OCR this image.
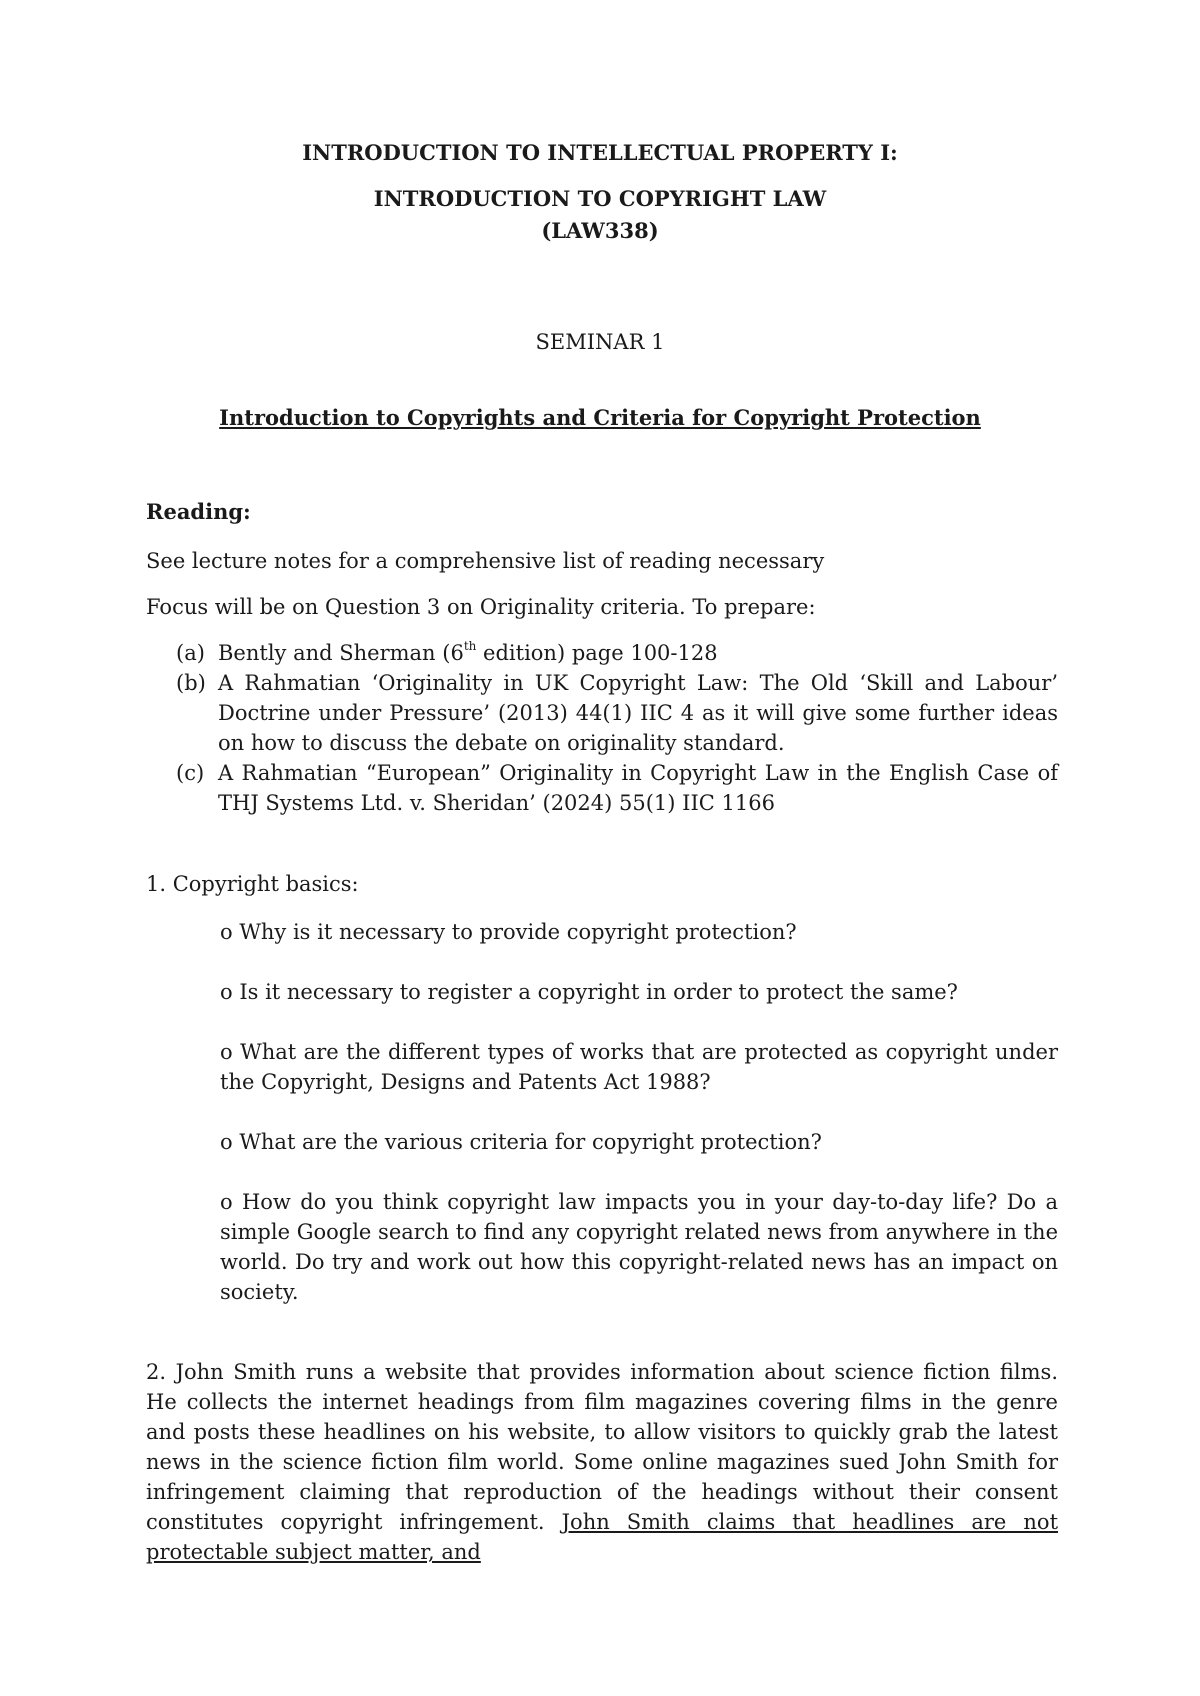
INTRODUCTION TO INTELLECTUAL PROPERTY I:
INTRODUCTION TO COPYRIGHT LAW
(LAW338)
SEMINAR 1
Introduction to Copyrights and Criteria for Copyright Protection
Reading:
See lecture notes for a comprehensive list of reading necessary
Focus will be on Question 3 on Originality criteria. To prepare:
(a) Bently and Sherman (6th edition) page 100-128
(b) A Rahmatian ‘Originality in UK Copyright Law: The Old ‘Skill and Labour’ Doctrine under Pressure’ (2013) 44(1) IIC 4 as it will give some further ideas on how to discuss the debate on originality standard.
(c) A Rahmatian “European” Originality in Copyright Law in the English Case of THJ Systems Ltd. v. Sheridan’ (2024) 55(1) IIC 1166
1. Copyright basics:

o Why is it necessary to provide copyright protection?

o Is it necessary to register a copyright in order to protect the same?

o What are the different types of works that are protected as copyright under the Copyright, Designs and Patents Act 1988?

o What are the various criteria for copyright protection?

o How do you think copyright law impacts you in your day-to-day life? Do a simple Google search to find any copyright related news from anywhere in the world. Do try and work out how this copyright-related news has an impact on society.

2. John Smith runs a website that provides information about science fiction films. He collects the internet headings from film magazines covering films in the genre and posts these headlines on his website, to allow visitors to quickly grab the latest news in the science fiction film world. Some online magazines sued John Smith for infringement claiming that reproduction of the headings without their consent constitutes copyright infringement. John Smith claims that headlines are not protectable subject matter, and
